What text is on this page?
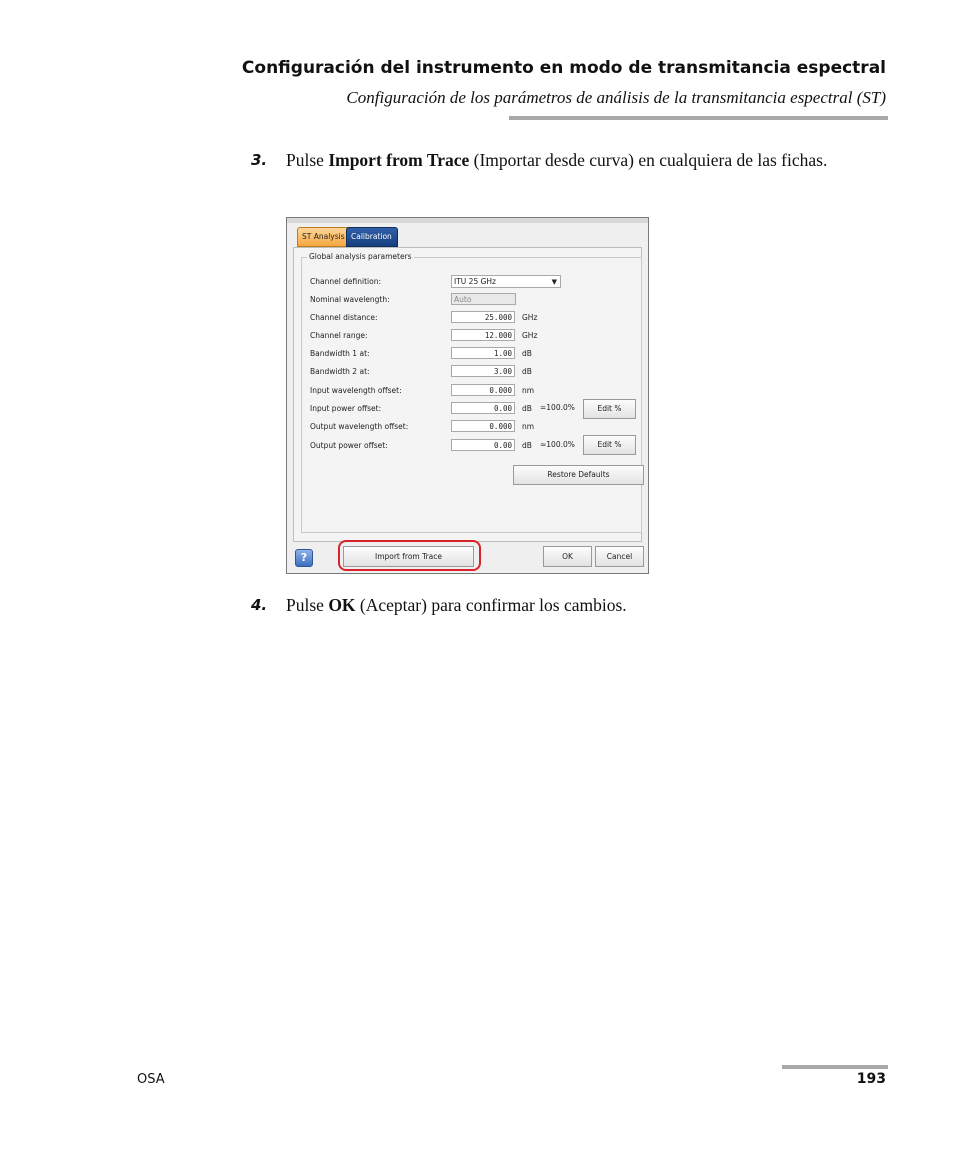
Configuración del instrumento en modo de transmitancia espectral
Configuración de los parámetros de análisis de la transmitancia espectral (ST)
3. Pulse Import from Trace (Importar desde curva) en cualquiera de las fichas.
ST Analysis Calibration
Global analysis parameters
Channel definition:	ITU 25 GHz	▼
Nominal wavelength:	Auto
Channel distance:	25.000	GHz
Channel range:	12.000	GHz
Bandwidth 1 at:	1.00	dB
Bandwidth 2 at:	3.00	dB
Input wavelength offset:	0.000	nm
Input power offset:	0.00	dB =100.0%	Edit %
Output wavelength offset:	0.000	nm
Output power offset:	0.00	dB ≈100.0%	Edit %
Restore Defaults
?	Import from Trace	OK	Cancel
4. Pulse OK (Aceptar) para confirmar los cambios.
OSA	193
